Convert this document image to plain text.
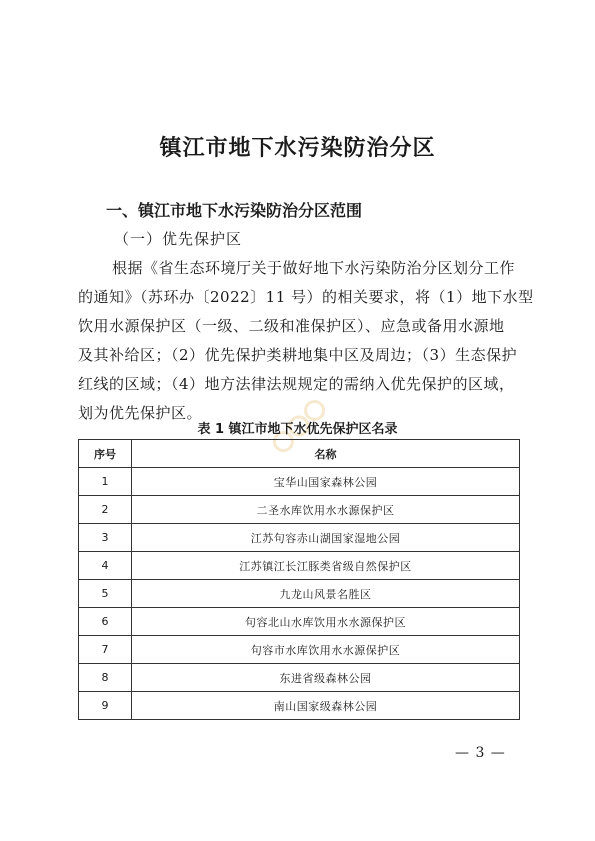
镇江市地下水污染防治分区
一、镇江市地下水污染防治分区范围
（一）优先保护区
根据《省生态环境厅关于做好地下水污染防治分区划分工作
的通知》（苏环办〔2022〕11 号）的相关要求，将（1）地下水型
饮用水源保护区（一级、二级和准保护区）、应急或备用水源地
及其补给区；（2）优先保护类耕地集中区及周边；（3）生态保护
红线的区域；（4）地方法律法规规定的需纳入优先保护的区域，
划为优先保护区。
表 1 镇江市地下水优先保护区名录
序号	名称
1	宝华山国家森林公园
2	二圣水库饮用水水源保护区
3	江苏句容赤山湖国家湿地公园
4	江苏镇江长江豚类省级自然保护区
5	九龙山风景名胜区
6	句容北山水库饮用水水源保护区
7	句容市水库饮用水水源保护区
8	东进省级森林公园
9	南山国家级森林公园
— 3 —
